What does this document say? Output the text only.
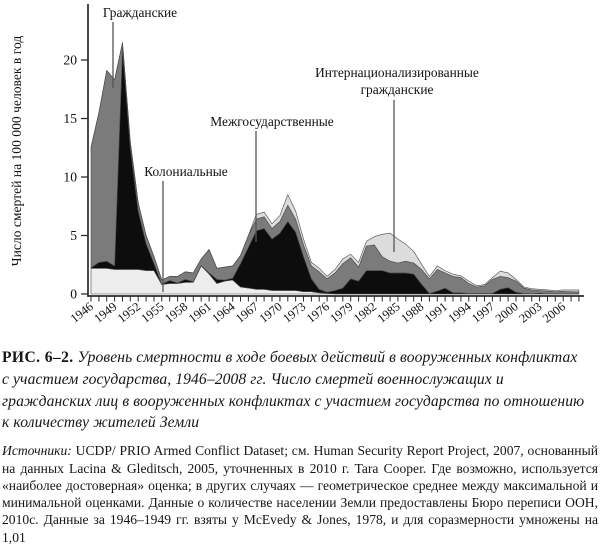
0
5
10
15
20
Число смертей на 100 000 человек в год
1946
1949
1952
1955
1958
1961
1964
1967
1970
1973
1976
1979
1982
1985
1988
1991
1994
1997
2000
2003
2006
Гражданские
Колониальные
Межгосударственные
Интернационализированные
гражданские

РИС. 6–2. Уровень смертности в ходе боевых действий в вооруженных конфликтах с участием государства, 1946–2008 гг. Число смертей военнослужащих и гражданских лиц в вооруженных конфликтах с участием государства по отношению к количеству жителей Земли

Источники: UCDP/ PRIO Armed Conflict Dataset; см. Human Security Report Project, 2007, основанный на данных Lacina & Gleditsch, 2005, уточненных в 2010 г. Tara Cooper. Где возможно, используется «наиболее достоверная» оценка; в других случаях — геометрическое среднее между максимальной и минимальной оценками. Данные о количестве населении Земли предоставлены Бюро переписи ООН, 2010c. Данные за 1946–1949 гг. взяты у McEvedy & Jones, 1978, и для соразмерности умножены на 1,01
